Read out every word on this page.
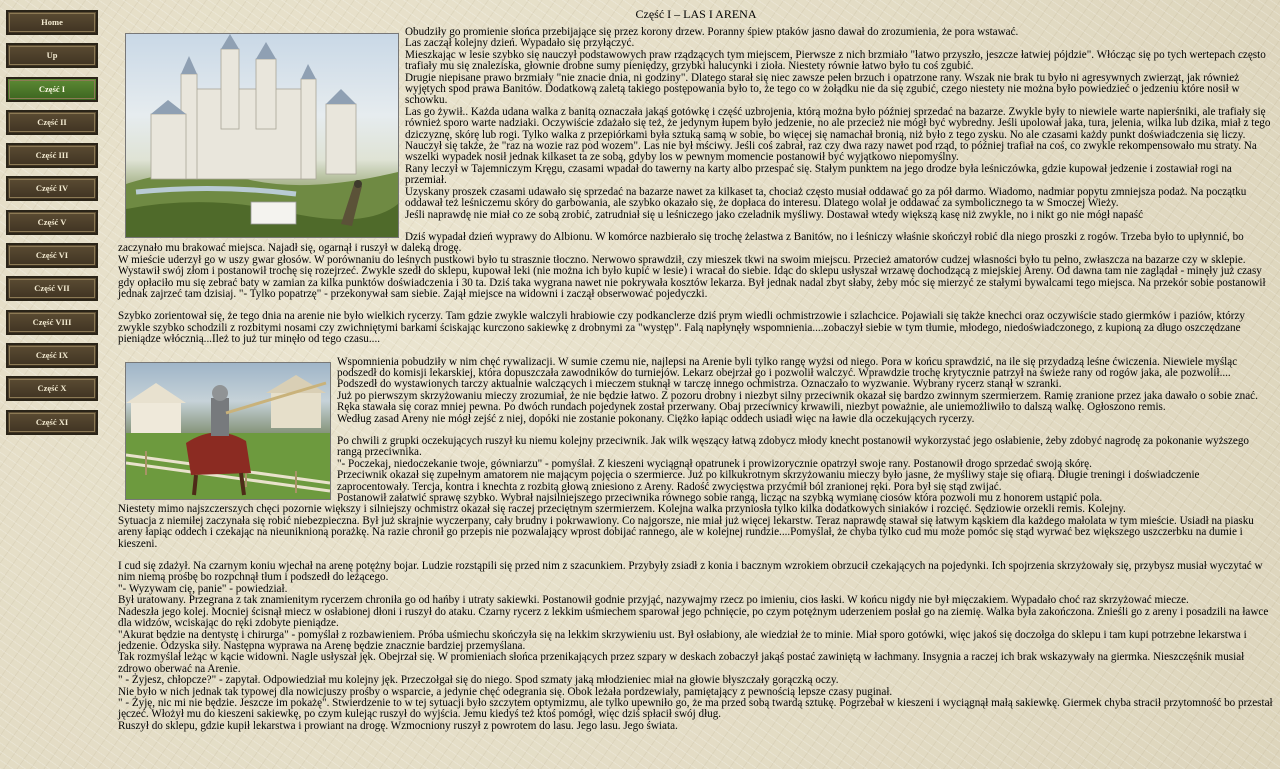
Home
Up
Część I
Część II
Część III
Część IV
Część V
Część VI
Część VII
Część VIII
Część IX
Część X
Część XI
Część I – LAS I ARENA

Obudziły go promienie słońca przebijające się przez korony drzew. Poranny śpiew ptaków jasno dawał do zrozumienia, że pora wstawać.

Las zaczął kolejny dzień. Wypadało się przyłączyć.

Mieszkając w lesie szybko się nauczył podstawowych praw rządzących tym miejscem, Pierwsze z nich brzmiało "łatwo przyszło, jeszcze łatwiej pójdzie". Włócząc się po tych wertepach często trafiały mu się znaleziska, głownie drobne sumy pieniędzy, grzybki halucynki i zioła. Niestety równie łatwo było tu coś zgubić.

Drugie niepisane prawo brzmiały "nie znacie dnia, ni godziny". Dlatego starał się niec zawsze pełen brzuch i opatrzone rany. Wszak nie brak tu było ni agresywnych zwierząt, jak również wyjętych spod prawa Banitów. Dodatkową zaletą takiego postępowania było to, że tego co w żołądku nie da się zgubić, czego niestety nie można było powiedzieć o jedzeniu które nosił w schowku.

Las go żywił.. Każda udana walka z banitą oznaczała jakąś gotówkę i część uzbrojenia, którą można było później sprzedać na bazarze. Zwykle były to niewiele warte napierśniki, ale trafiały się również sporo warte nadziaki. Oczywiście zdażało się też, że jedynym łupem było jedzenie, no ale przecież nie mógł być wybredny. Jeśli upolował jaka, tura, jelenia, wilka lub dzika, miał z tego dziczyznę, skórę lub rogi. Tylko walka z przepiórkami była sztuką samą w sobie, bo więcej się namachał bronią, niż było z tego zysku. No ale czasami każdy punkt doświadczenia się liczy.

Nauczył się także, że "raz na wozie raz pod wozem". Las nie był mściwy. Jeśli coś zabrał, raz czy dwa razy nawet pod rząd, to później trafiał na coś, co zwykle rekompensowało mu straty. Na wszelki wypadek nosił jednak kilkaset ta ze sobą, gdyby los w pewnym momencie postanowił być wyjątkowo niepomyślny.

Rany leczył w Tajemniczym Kręgu, czasami wpadał do tawerny na karty albo przespać się. Stałym punktem na jego drodze była leśniczówka, gdzie kupował jedzenie i zostawiał rogi na przemiał.

Uzyskany proszek czasami udawało się sprzedać na bazarze nawet za kilkaset ta, chociaż często musiał oddawać go za pół darmo. Wiadomo, nadmiar popytu zmniejsza podaż. Na początku oddawał też leśniczemu skóry do garbowania, ale szybko okazało się, że dopłaca do interesu. Dlatego wolał je oddawać za symbolicznego ta w Smoczej Wieży.

Jeśli naprawdę nie miał co ze sobą zrobić, zatrudniał się u leśniczego jako czeladnik myśliwy. Dostawał wtedy większą kasę niż zwykle, no i nikt go nie mógł napaść

Dziś wypadał dzień wyprawy do Albionu. W komórce nazbierało się trochę żelastwa z Banitów, no i leśniczy właśnie skończył robić dla niego proszki z rogów. Trzeba było to upłynnić, bo zaczynało mu brakować miejsca. Najadł się, ogarnął i ruszył w daleką drogę.

W mieście uderzył go w uszy gwar głosów. W porównaniu do leśnych pustkowi było tu strasznie tłoczno. Nerwowo sprawdził, czy mieszek tkwi na swoim miejscu. Przecież amatorów cudzej własności było tu pełno, zwłaszcza na bazarze czy w sklepie.

Wystawił swój złom i postanowił trochę się rozejrzeć. Zwykle szedł do sklepu, kupował leki (nie można ich było kupić w lesie) i wracał do siebie. Idąc do sklepu usłyszał wrzawę dochodzącą z miejskiej Areny. Od dawna tam nie zaglądał - minęły już czasy gdy opłaciło mu się zebrać baty w zamian za kilka punktów doświadczenia i 30 ta. Dziś taka wygrana nawet nie pokrywała kosztów lekarza. Był jednak nadal zbyt słaby, żeby móc się mierzyć ze stałymi bywalcami tego miejsca. Na przekór sobie postanowił jednak zajrzeć tam dzisiaj. "- Tylko popatrzę" - przekonywał sam siebie. Zajął miejsce na widowni i zaczął obserwować pojedyczki.

Szybko zorientował się, że tego dnia na arenie nie było wielkich rycerzy. Tam gdzie zwykle walczyli hrabiowie czy podkanclerze dziś prym wiedli ochmistrzowie i szlachcice. Pojawiali się także knechci oraz oczywiście stado giermków i paziów, którzy zwykle szybko schodzili z rozbitymi nosami czy zwichniętymi barkami ściskając kurczono sakiewkę z drobnymi za "występ". Falą napłynęły wspomnienia....zobaczył siebie w tym tłumie, młodego, niedoświadczonego, z kupioną za długo oszczędzane pieniądze włócznią...Ileż to już tur minęło od tego czasu....

Wspomnienia pobudziły w nim chęć rywalizacji. W sumie czemu nie, najlepsi na Arenie byli tylko rangę wyżsi od niego. Pora w końcu sprawdzić, na ile się przydadzą leśne ćwiczenia. Niewiele myśląc podszedł do komisji lekarskiej, która dopuszczała zawodników do turniejów. Lekarz obejrzał go i pozwolił walczyć. Wprawdzie trochę krytycznie patrzył na świeże rany od rogów jaka, ale pozwolił....

Podszedł do wystawionych tarczy aktualnie walczących i mieczem stuknął w tarczę innego ochmistrza. Oznaczało to wyzwanie. Wybrany rycerz stanął w szranki.

Już po pierwszym skrzyżowaniu mieczy zrozumiał, że nie będzie łatwo. Z pozoru drobny i niezbyt silny przeciwnik okazał się bardzo zwinnym szermierzem. Ramię zranione przez jaka dawało o sobie znać. Ręka stawała się coraz mniej pewna. Po dwóch rundach pojedynek został przerwany. Obaj przeciwnicy krwawili, niezbyt poważnie, ale uniemożliwiło to dalszą walkę. Ogłoszono remis.

Według zasad Areny nie mógł zejść z niej, dopóki nie zostanie pokonany. Ciężko łapiąc oddech usiadł więc na ławie dla oczekujących rycerzy.

Po chwili z grupki oczekujących ruszył ku niemu kolejny przeciwnik. Jak wilk węszący łatwą zdobycz młody knecht postanowił wykorzystać jego osłabienie, żeby zdobyć nagrodę za pokonanie wyższego rangą przeciwnika.

"- Poczekaj, niedoczekanie twoje, gówniarzu" - pomyślał. Z kieszeni wyciągnął opatrunek i prowizorycznie opatrzył swoje rany. Postanowił drogo sprzedać swoją skórę.

Przeciwnik okazał się zupełnym amatorem nie mającym pojęcia o szermierce. Już po kilkukrotnym skrzyżowaniu mieczy było jasne, że myśliwy staje się ofiarą. Długie treningi i doświadczenie zaprocentowały. Tercja, kontra i knechta z rozbitą głową zniesiono z Areny. Radość zwycięstwa przyćmił ból zranionej ręki. Pora był się stąd zwijać.

Postanowił załatwić sprawę szybko. Wybrał najsilniejszego przeciwnika równego sobie rangą, licząc na szybką wymianę ciosów która pozwoli mu z honorem ustąpić pola.

Niestety mimo najszczerszych chęci pozornie większy i silniejszy ochmistrz okazał się raczej przeciętnym szermierzem. Kolejna walka przyniosła tylko kilka dodatkowych siniaków i rozcięć. Sędziowie orzekli remis. Kolejny.

Sytuacja z niemiłej zaczynała się robić niebezpieczna. Był już skrajnie wyczerpany, cały brudny i pokrwawiony. Co najgorsze, nie miał już więcej lekarstw. Teraz naprawdę stawał się łatwym kąskiem dla każdego małolata w tym mieście. Usiadł na piasku areny łapiąc oddech i czekając na nieuniknioną porażkę. Na razie chronił go przepis nie pozwalający wprost dobijać rannego, ale w kolejnej rundzie....Pomyślał, że chyba tylko cud mu może pomóc się stąd wyrwać bez większego uszczerbku na dumie i kieszeni.

I cud się zdażył. Na czarnym koniu wjechał na arenę potężny bojar. Ludzie rozstąpili się przed nim z szacunkiem. Przybyły zsiadł z konia i bacznym wzrokiem obrzucił czekających na pojedynki. Ich spojrzenia skrzyżowały się, przybysz musiał wyczytać w nim niemą prośbę bo rozpchnął tłum i podszedł do leżącego.

"- Wyzywam cię, panie" - powiedział.

Był uratowany. Przegrana z tak znamienitym rycerzem chroniła go od hańby i utraty sakiewki. Postanowił godnie przyjąć, nazywajmy rzecz po imieniu, cios łaski. W końcu nigdy nie był mięczakiem. Wypadało choć raz skrzyżować miecze.

Nadeszła jego kolej. Mocniej ścisnął miecz w osłabionej dłoni i ruszył do ataku. Czarny rycerz z lekkim uśmiechem sparował jego pchnięcie, po czym potężnym uderzeniem posłał go na ziemię. Walka była zakończona. Znieśli go z areny i posadzili na ławce dla widzów, wciskając do ręki zdobyte pieniądze.

"Akurat będzie na dentystę i chirurga" - pomyślał z rozbawieniem. Próba uśmiechu skończyła się na lekkim skrzywieniu ust. Był osłabiony, ale wiedział że to minie. Miał sporo gotówki, więc jakoś się doczołga do sklepu i tam kupi potrzebne lekarstwa i jedzenie. Odzyska siły. Następna wyprawa na Arenę będzie znacznie bardziej przemyślana.

Tak rozmyślał leżąc w kącie widowni. Nagle usłyszał jęk. Obejrzał się. W promieniach słońca przenikających przez szpary w deskach zobaczył jakąś postać zawiniętą w łachmany. Insygnia a raczej ich brak wskazywały na giermka. Nieszczęśnik musiał zdrowo oberwać na Arenie.

" - Żyjesz, chłopcze?" - zapytał. Odpowiedział mu kolejny jęk. Przeczołgał się do niego. Spod szmaty jaką młodzieniec miał na głowie błyszczały gorączką oczy.

Nie było w nich jednak tak typowej dla nowicjuszy prośby o wsparcie, a jedynie chęć odegrania się. Obok leżała pordzewiały, pamiętający z pewnością lepsze czasy puginał.

" - Żyję, nic mi nie będzie. Jeszcze im pokażę". Stwierdzenie to w tej sytuacji było szczytem optymizmu, ale tylko upewniło go, że ma przed sobą twardą sztukę. Pogrzebał w kieszeni i wyciągnął małą sakiewkę. Giermek chyba stracił przytomność bo przestał jęczeć. Włożył mu do kieszeni sakiewkę, po czym kulejąc ruszył do wyjścia. Jemu kiedyś też ktoś pomógł, więc dziś spłacił swój dług.

Ruszył do sklepu, gdzie kupił lekarstwa i prowiant na drogę. Wzmocniony ruszył z powrotem do lasu. Jego lasu. Jego świata.
